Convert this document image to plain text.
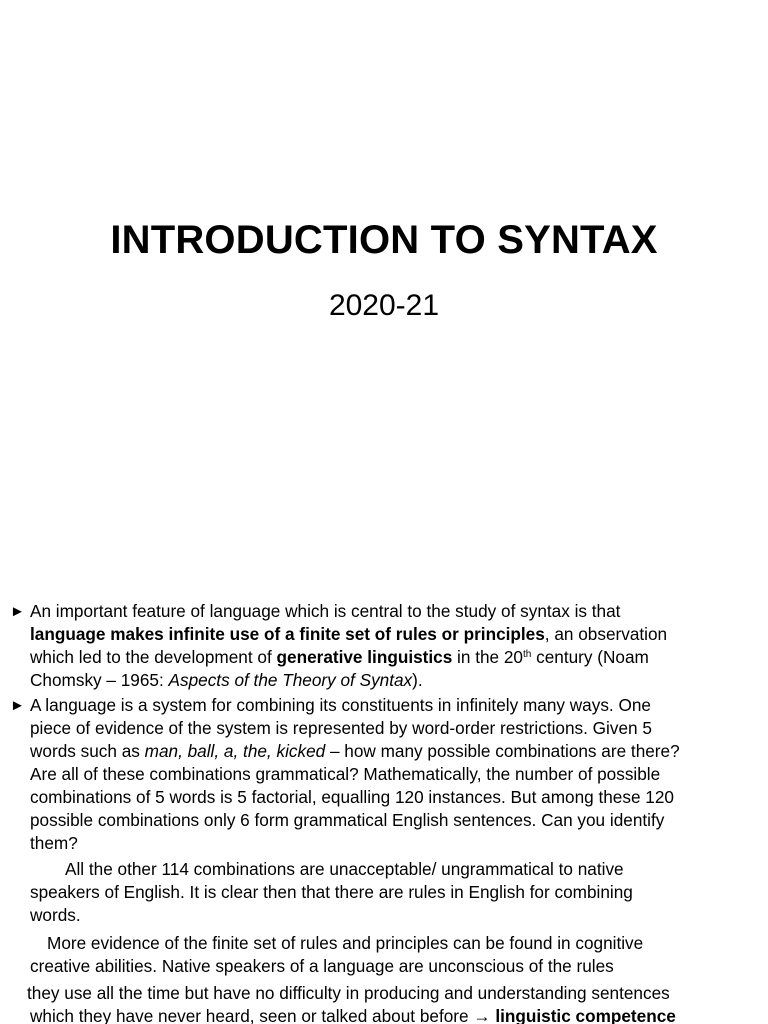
INTRODUCTION TO SYNTAX
2020-21
► An important feature of language which is central to the study of syntax is that
language makes infinite use of a finite set of rules or principles, an observation
which led to the development of generative linguistics in the 20th century (Noam
Chomsky – 1965: Aspects of the Theory of Syntax).
► A language is a system for combining its constituents in infinitely many ways. One
piece of evidence of the system is represented by word-order restrictions. Given 5
words such as man, ball, a, the, kicked – how many possible combinations are there?
Are all of these combinations grammatical? Mathematically, the number of possible
combinations of 5 words is 5 factorial, equalling 120 instances. But among these 120
possible combinations only 6 form grammatical English sentences. Can you identify
them?
All the other 114 combinations are unacceptable/ ungrammatical to native
speakers of English. It is clear then that there are rules in English for combining
words.
More evidence of the finite set of rules and principles can be found in cognitive
creative abilities. Native speakers of a language are unconscious of the rules
they use all the time but have no difficulty in producing and understanding sentences
which they have never heard, seen or talked about before → linguistic competence
